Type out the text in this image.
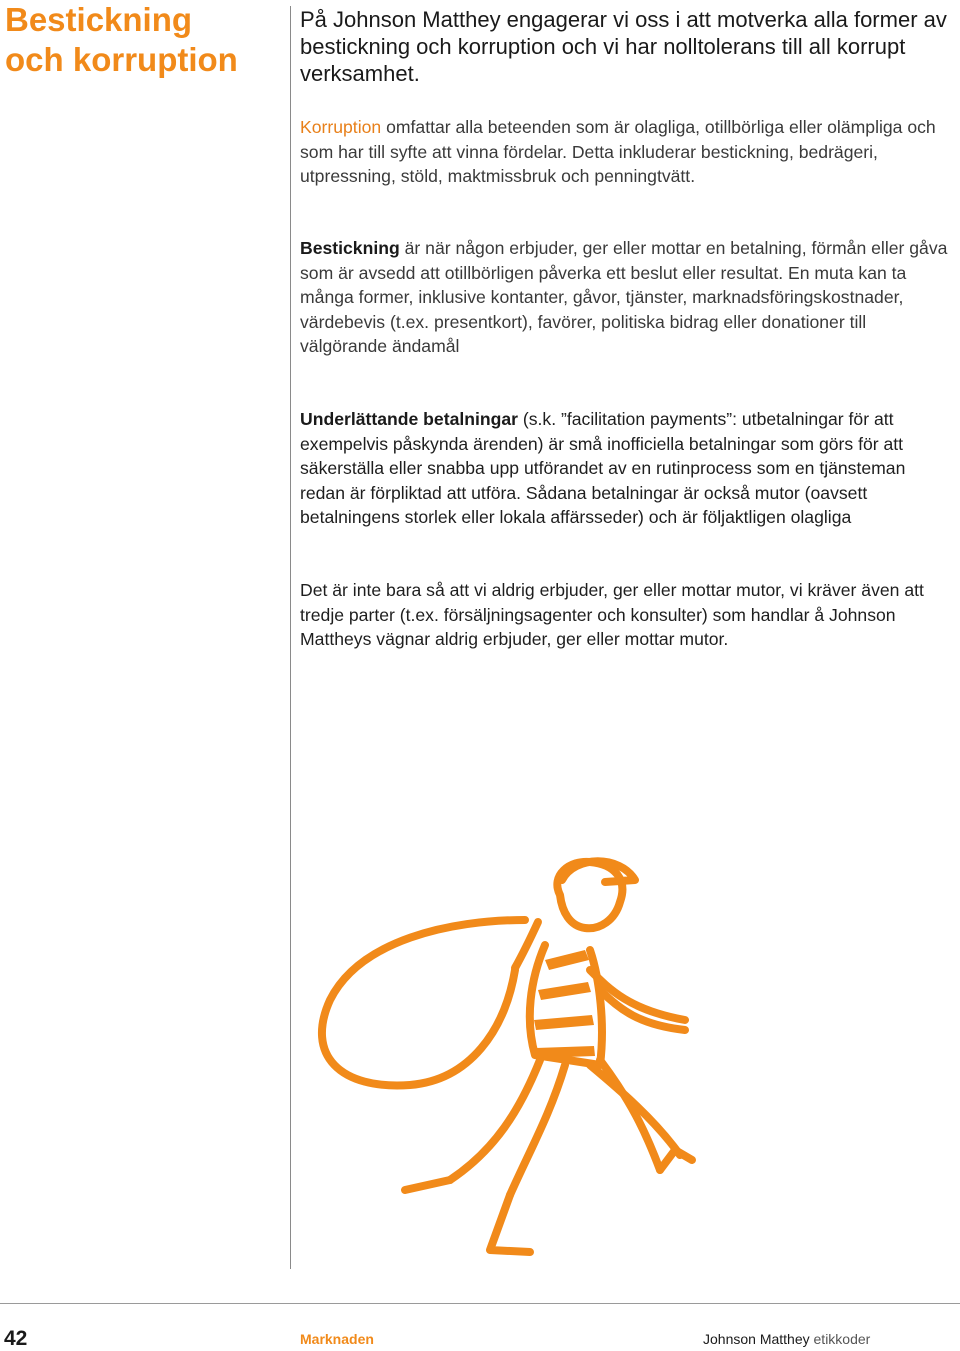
Bestickning
och korruption

På Johnson Matthey engagerar vi oss i att motverka alla former av bestickning och korruption och vi har nolltolerans till all korrupt verksamhet.

Korruption omfattar alla beteenden som är olagliga, otillbörliga eller olämpliga och som har till syfte att vinna fördelar. Detta inkluderar bestickning, bedrägeri, utpressning, stöld, maktmissbruk och penningtvätt.

Bestickning är när någon erbjuder, ger eller mottar en betalning, förmån eller gåva som är avsedd att otillbörligen påverka ett beslut eller resultat. En muta kan ta många former, inklusive kontanter, gåvor, tjänster, marknadsföringskostnader, värdebevis (t.ex. presentkort), favörer, politiska bidrag eller donationer till välgörande ändamål

Underlättande betalningar (s.k. ”facilitation payments”: utbetalningar för att exempelvis påskynda ärenden) är små inofficiella betalningar som görs för att säkerställa eller snabba upp utförandet av en rutinprocess som en tjänsteman redan är förpliktad att utföra. Sådana betalningar är också mutor (oavsett betalningens storlek eller lokala affärsseder) och är följaktligen olagliga

Det är inte bara så att vi aldrig erbjuder, ger eller mottar mutor, vi kräver även att tredje parter (t.ex. försäljningsagenter och konsulter) som handlar å Johnson Mattheys vägnar aldrig erbjuder, ger eller mottar mutor.

42	Marknaden	Johnson Matthey etikkoder
